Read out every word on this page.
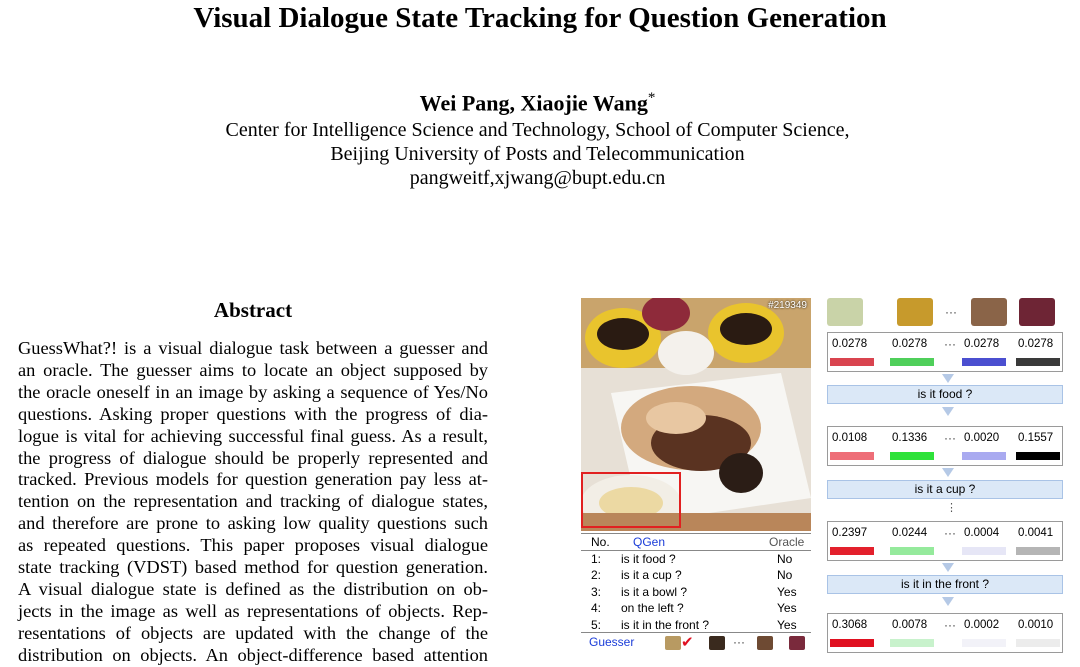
Visual Dialogue State Tracking for Question Generation
Wei Pang, Xiaojie Wang*
Center for Intelligence Science and Technology, School of Computer Science,
Beijing University of Posts and Telecommunication
pangweitf,xjwang@bupt.edu.cn
Abstract
GuessWhat?! is a visual dialogue task between a guesser and
an oracle. The guesser aims to locate an object supposed by
the oracle oneself in an image by asking a sequence of Yes/No
questions. Asking proper questions with the progress of dia-
logue is vital for achieving successful final guess. As a result,
the progress of dialogue should be properly represented and
tracked. Previous models for question generation pay less at-
tention on the representation and tracking of dialogue states,
and therefore are prone to asking low quality questions such
as repeated questions. This paper proposes visual dialogue
state tracking (VDST) based method for question generation.
A visual dialogue state is defined as the distribution on ob-
jects in the image as well as representations of objects. Rep-
resentations of objects are updated with the change of the
distribution on objects. An object-difference based attention
#219349
No. QGen	Oracle
1: is it food ?	No
2: is it a cup ?	No
3: is it a bowl ?	Yes
4: on the left ?	Yes
5: is it in the front ?	Yes
Guesser	✔	···
···
0.0278 0.0278 ··· 0.0278 0.0278
is it food ?
0.0108 0.1336 ··· 0.0020 0.1557
is it a cup ?
⋮
0.2397 0.0244 ··· 0.0004 0.0041
is it in the front ?
0.3068 0.0078 ··· 0.0002 0.0010
